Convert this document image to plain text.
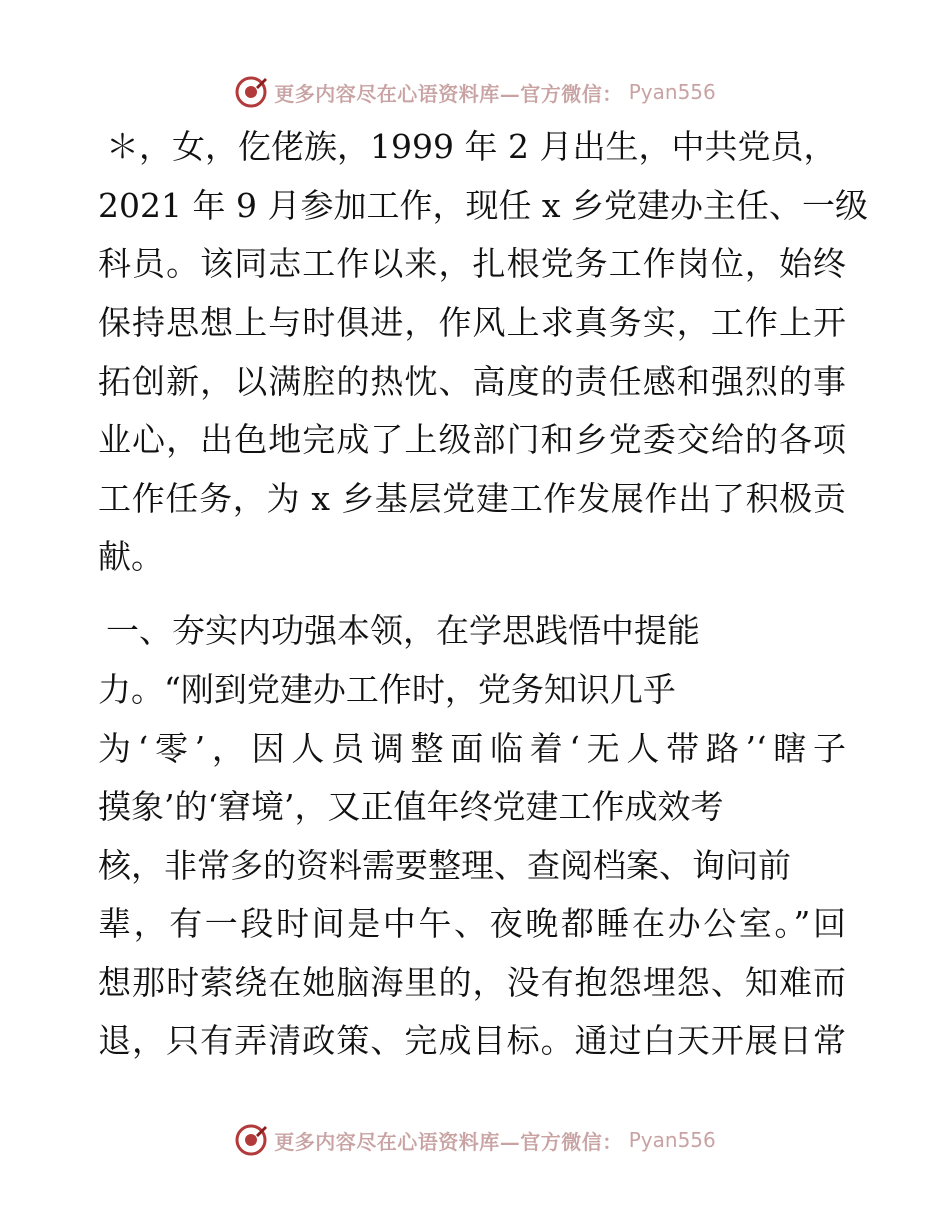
更多内容尽在心语资料库—官方微信： Pyan556
＊，女，仡佬族，1999 年 2 月出生，中共党员，
2021 年 9 月参加工作，现任 x 乡党建办主任、一级
科员。该同志工作以来，扎根党务工作岗位，始终
保持思想上与时俱进，作风上求真务实，工作上开
拓创新，以满腔的热忱、高度的责任感和强烈的事
业心，出色地完成了上级部门和乡党委交给的各项
工作任务，为 x 乡基层党建工作发展作出了积极贡
献。
一、夯实内功强本领，在学思践悟中提能
力。“刚到党建办工作时，党务知识几乎
为‘零’，因人员调整面临着‘无人带路’‘瞎子
摸象’的‘窘境’，又正值年终党建工作成效考
核，非常多的资料需要整理、查阅档案、询问前
辈，有一段时间是中午、夜晚都睡在办公室。”回
想那时萦绕在她脑海里的，没有抱怨埋怨、知难而
退，只有弄清政策、完成目标。通过白天开展日常
更多内容尽在心语资料库—官方微信： Pyan556
